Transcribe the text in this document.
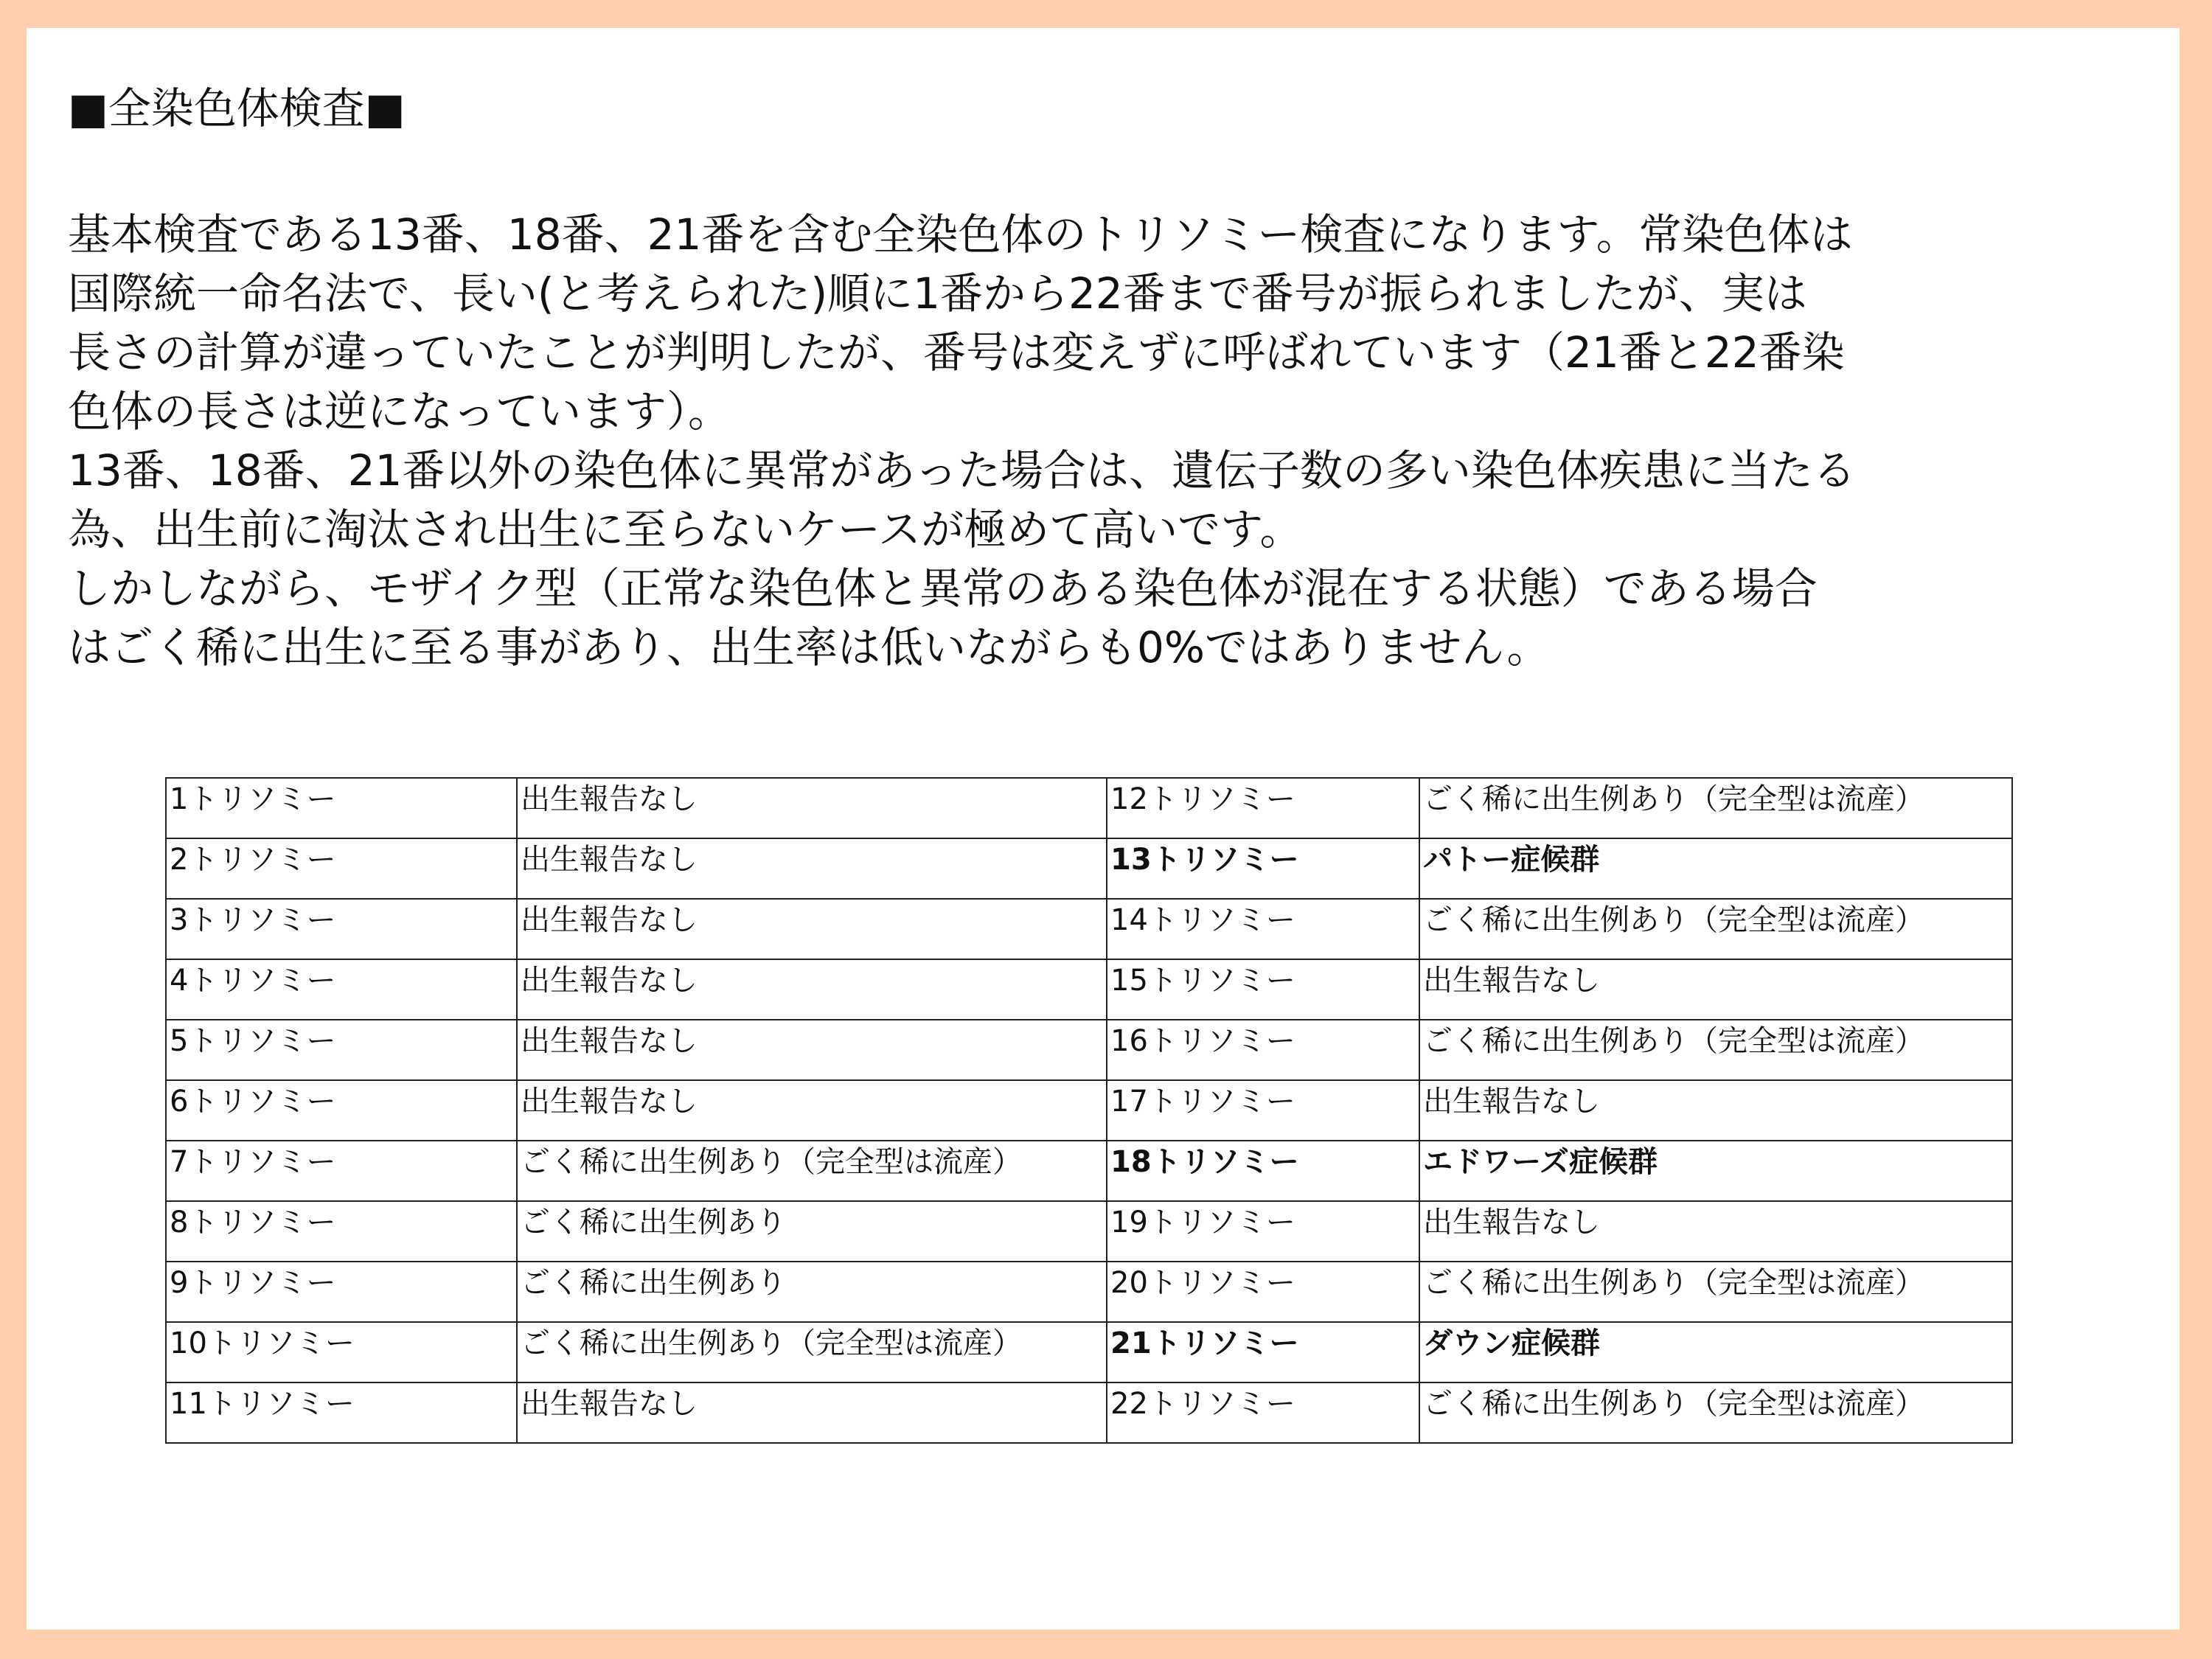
■全染色体検査■
基本検査である13番、18番、21番を含む全染色体のトリソミー検査になります。常染色体は
国際統一命名法で、長い(と考えられた)順に1番から22番まで番号が振られましたが、実は
長さの計算が違っていたことが判明したが、番号は変えずに呼ばれています（21番と22番染
色体の長さは逆になっています）。
13番、18番、21番以外の染色体に異常があった場合は、遺伝子数の多い染色体疾患に当たる
為、出生前に淘汰され出生に至らないケースが極めて高いです。
しかしながら、モザイク型（正常な染色体と異常のある染色体が混在する状態）である場合
はごく稀に出生に至る事があり、出生率は低いながらも0%ではありません。
1トリソミー	出生報告なし	12トリソミー	ごく稀に出生例あり（完全型は流産）
2トリソミー	出生報告なし	13トリソミー	パトー症候群
3トリソミー	出生報告なし	14トリソミー	ごく稀に出生例あり（完全型は流産）
4トリソミー	出生報告なし	15トリソミー	出生報告なし
5トリソミー	出生報告なし	16トリソミー	ごく稀に出生例あり（完全型は流産）
6トリソミー	出生報告なし	17トリソミー	出生報告なし
7トリソミー	ごく稀に出生例あり（完全型は流産）	18トリソミー	エドワーズ症候群
8トリソミー	ごく稀に出生例あり	19トリソミー	出生報告なし
9トリソミー	ごく稀に出生例あり	20トリソミー	ごく稀に出生例あり（完全型は流産）
10トリソミー	ごく稀に出生例あり（完全型は流産）	21トリソミー	ダウン症候群
11トリソミー	出生報告なし	22トリソミー	ごく稀に出生例あり（完全型は流産）
